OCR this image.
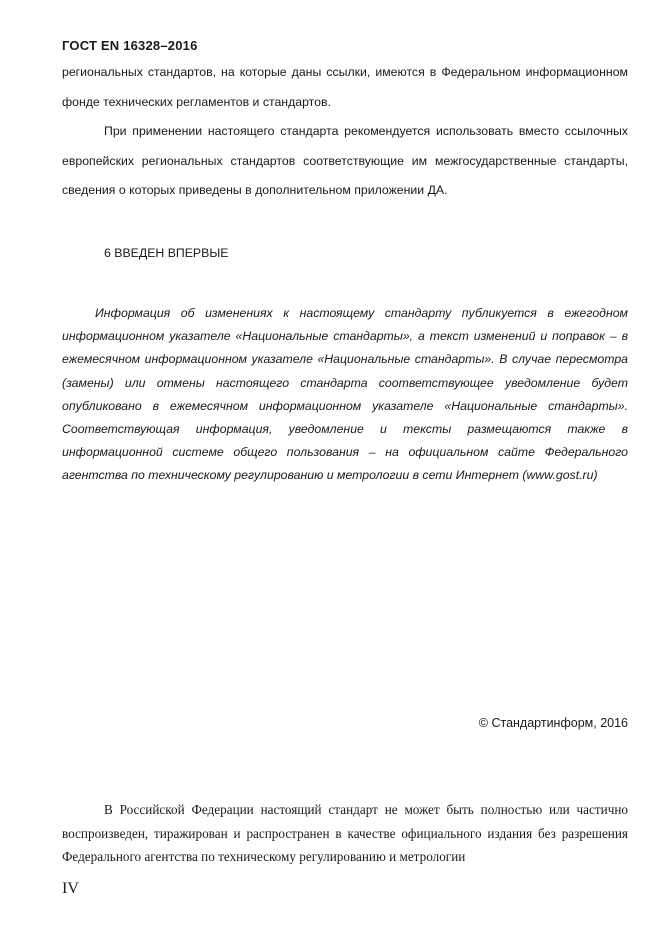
ГОСТ EN 16328–2016

региональных стандартов, на которые даны ссылки, имеются в Федеральном информационном фонде технических регламентов и стандартов.

При применении настоящего стандарта рекомендуется использовать вместо ссылочных европейских региональных стандартов соответствующие им межгосударственные стандарты, сведения о которых приведены в дополнительном приложении ДА.

6 ВВЕДЕН ВПЕРВЫЕ

Информация об изменениях к настоящему стандарту публикуется в ежегодном информационном указателе «Национальные стандарты», а текст изменений и поправок – в ежемесячном информационном указателе «Национальные стандарты». В случае пересмотра (замены) или отмены настоящего стандарта соответствующее уведомление будет опубликовано в ежемесячном информационном указателе «Национальные стандарты». Соответствующая информация, уведомление и тексты размещаются также в информационной системе общего пользования – на официальном сайте Федерального агентства по техническому регулированию и метрологии в сети Интернет (www.gost.ru)

© Стандартинформ, 2016

В Российской Федерации настоящий стандарт не может быть полностью или частично воспроизведен, тиражирован и распространен в качестве официального издания без разрешения Федерального агентства по техническому регулированию и метрологии

IV
